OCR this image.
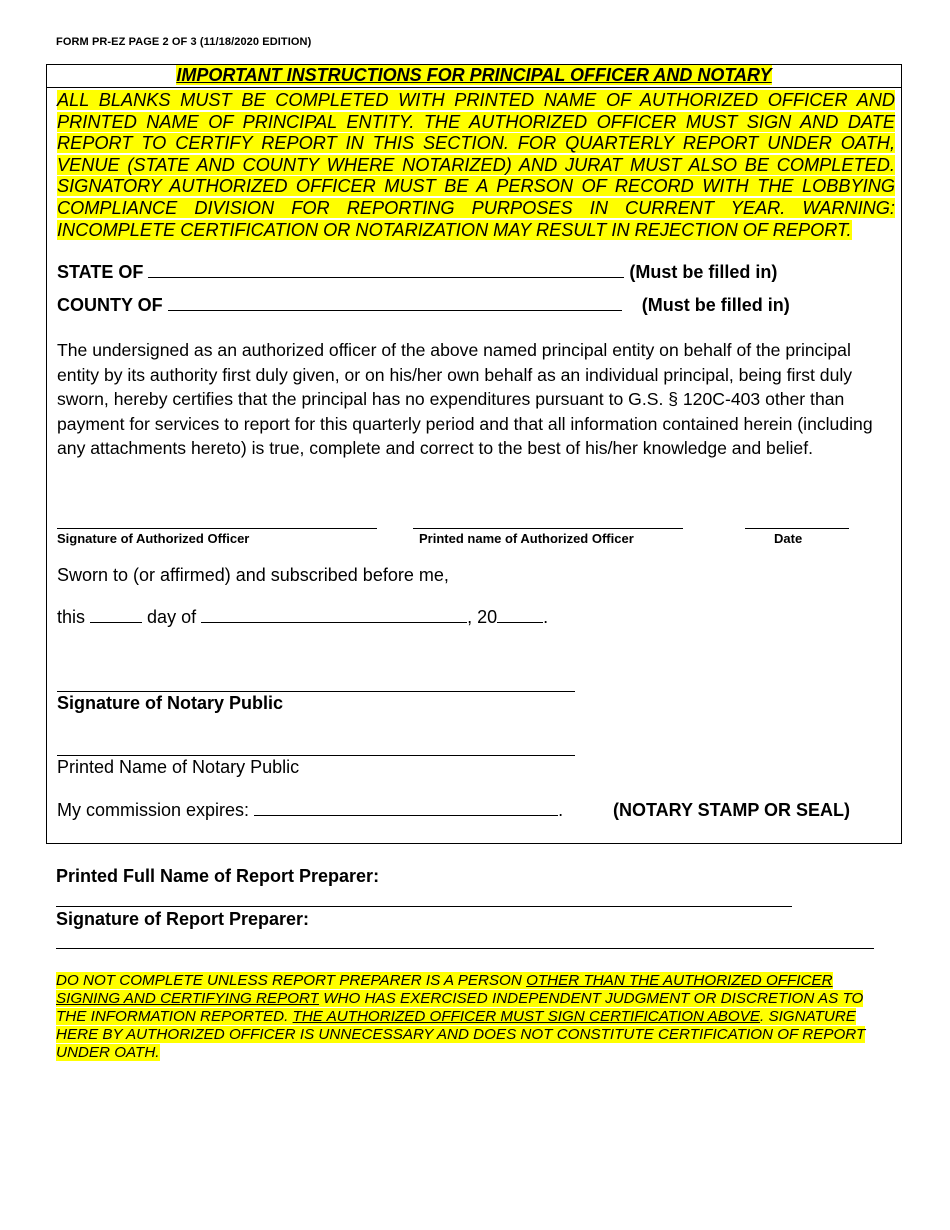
FORM PR-EZ PAGE 2 OF 3 (11/18/2020 EDITION)
IMPORTANT INSTRUCTIONS FOR PRINCIPAL OFFICER AND NOTARY
ALL BLANKS MUST BE COMPLETED WITH PRINTED NAME OF AUTHORIZED OFFICER AND PRINTED NAME OF PRINCIPAL ENTITY. THE AUTHORIZED OFFICER MUST SIGN AND DATE REPORT TO CERTIFY REPORT IN THIS SECTION. FOR QUARTERLY REPORT UNDER OATH, VENUE (STATE AND COUNTY WHERE NOTARIZED) AND JURAT MUST ALSO BE COMPLETED. SIGNATORY AUTHORIZED OFFICER MUST BE A PERSON OF RECORD WITH THE LOBBYING COMPLIANCE DIVISION FOR REPORTING PURPOSES IN CURRENT YEAR. WARNING: INCOMPLETE CERTIFICATION OR NOTARIZATION MAY RESULT IN REJECTION OF REPORT.
STATE OF	(Must be filled in)
COUNTY OF	(Must be filled in)
The undersigned as an authorized officer of the above named principal entity on behalf of the principal entity by its authority first duly given, or on his/her own behalf as an individual principal, being first duly sworn, hereby certifies that the principal has no expenditures pursuant to G.S. § 120C-403 other than payment for services to report for this quarterly period and that all information contained herein (including any attachments hereto) is true, complete and correct to the best of his/her knowledge and belief.
Signature of Authorized Officer	Printed name of Authorized Officer	Date
Sworn to (or affirmed) and subscribed before me,
this	day of	, 20	.
Signature of Notary Public
Printed Name of Notary Public
My commission expires:	.	(NOTARY STAMP OR SEAL)
Printed Full Name of Report Preparer:
Signature of Report Preparer:
DO NOT COMPLETE UNLESS REPORT PREPARER IS A PERSON OTHER THAN THE AUTHORIZED OFFICER SIGNING AND CERTIFYING REPORT WHO HAS EXERCISED INDEPENDENT JUDGMENT OR DISCRETION AS TO THE INFORMATION REPORTED. THE AUTHORIZED OFFICER MUST SIGN CERTIFICATION ABOVE. SIGNATURE HERE BY AUTHORIZED OFFICER IS UNNECESSARY AND DOES NOT CONSTITUTE CERTIFICATION OF REPORT UNDER OATH.
